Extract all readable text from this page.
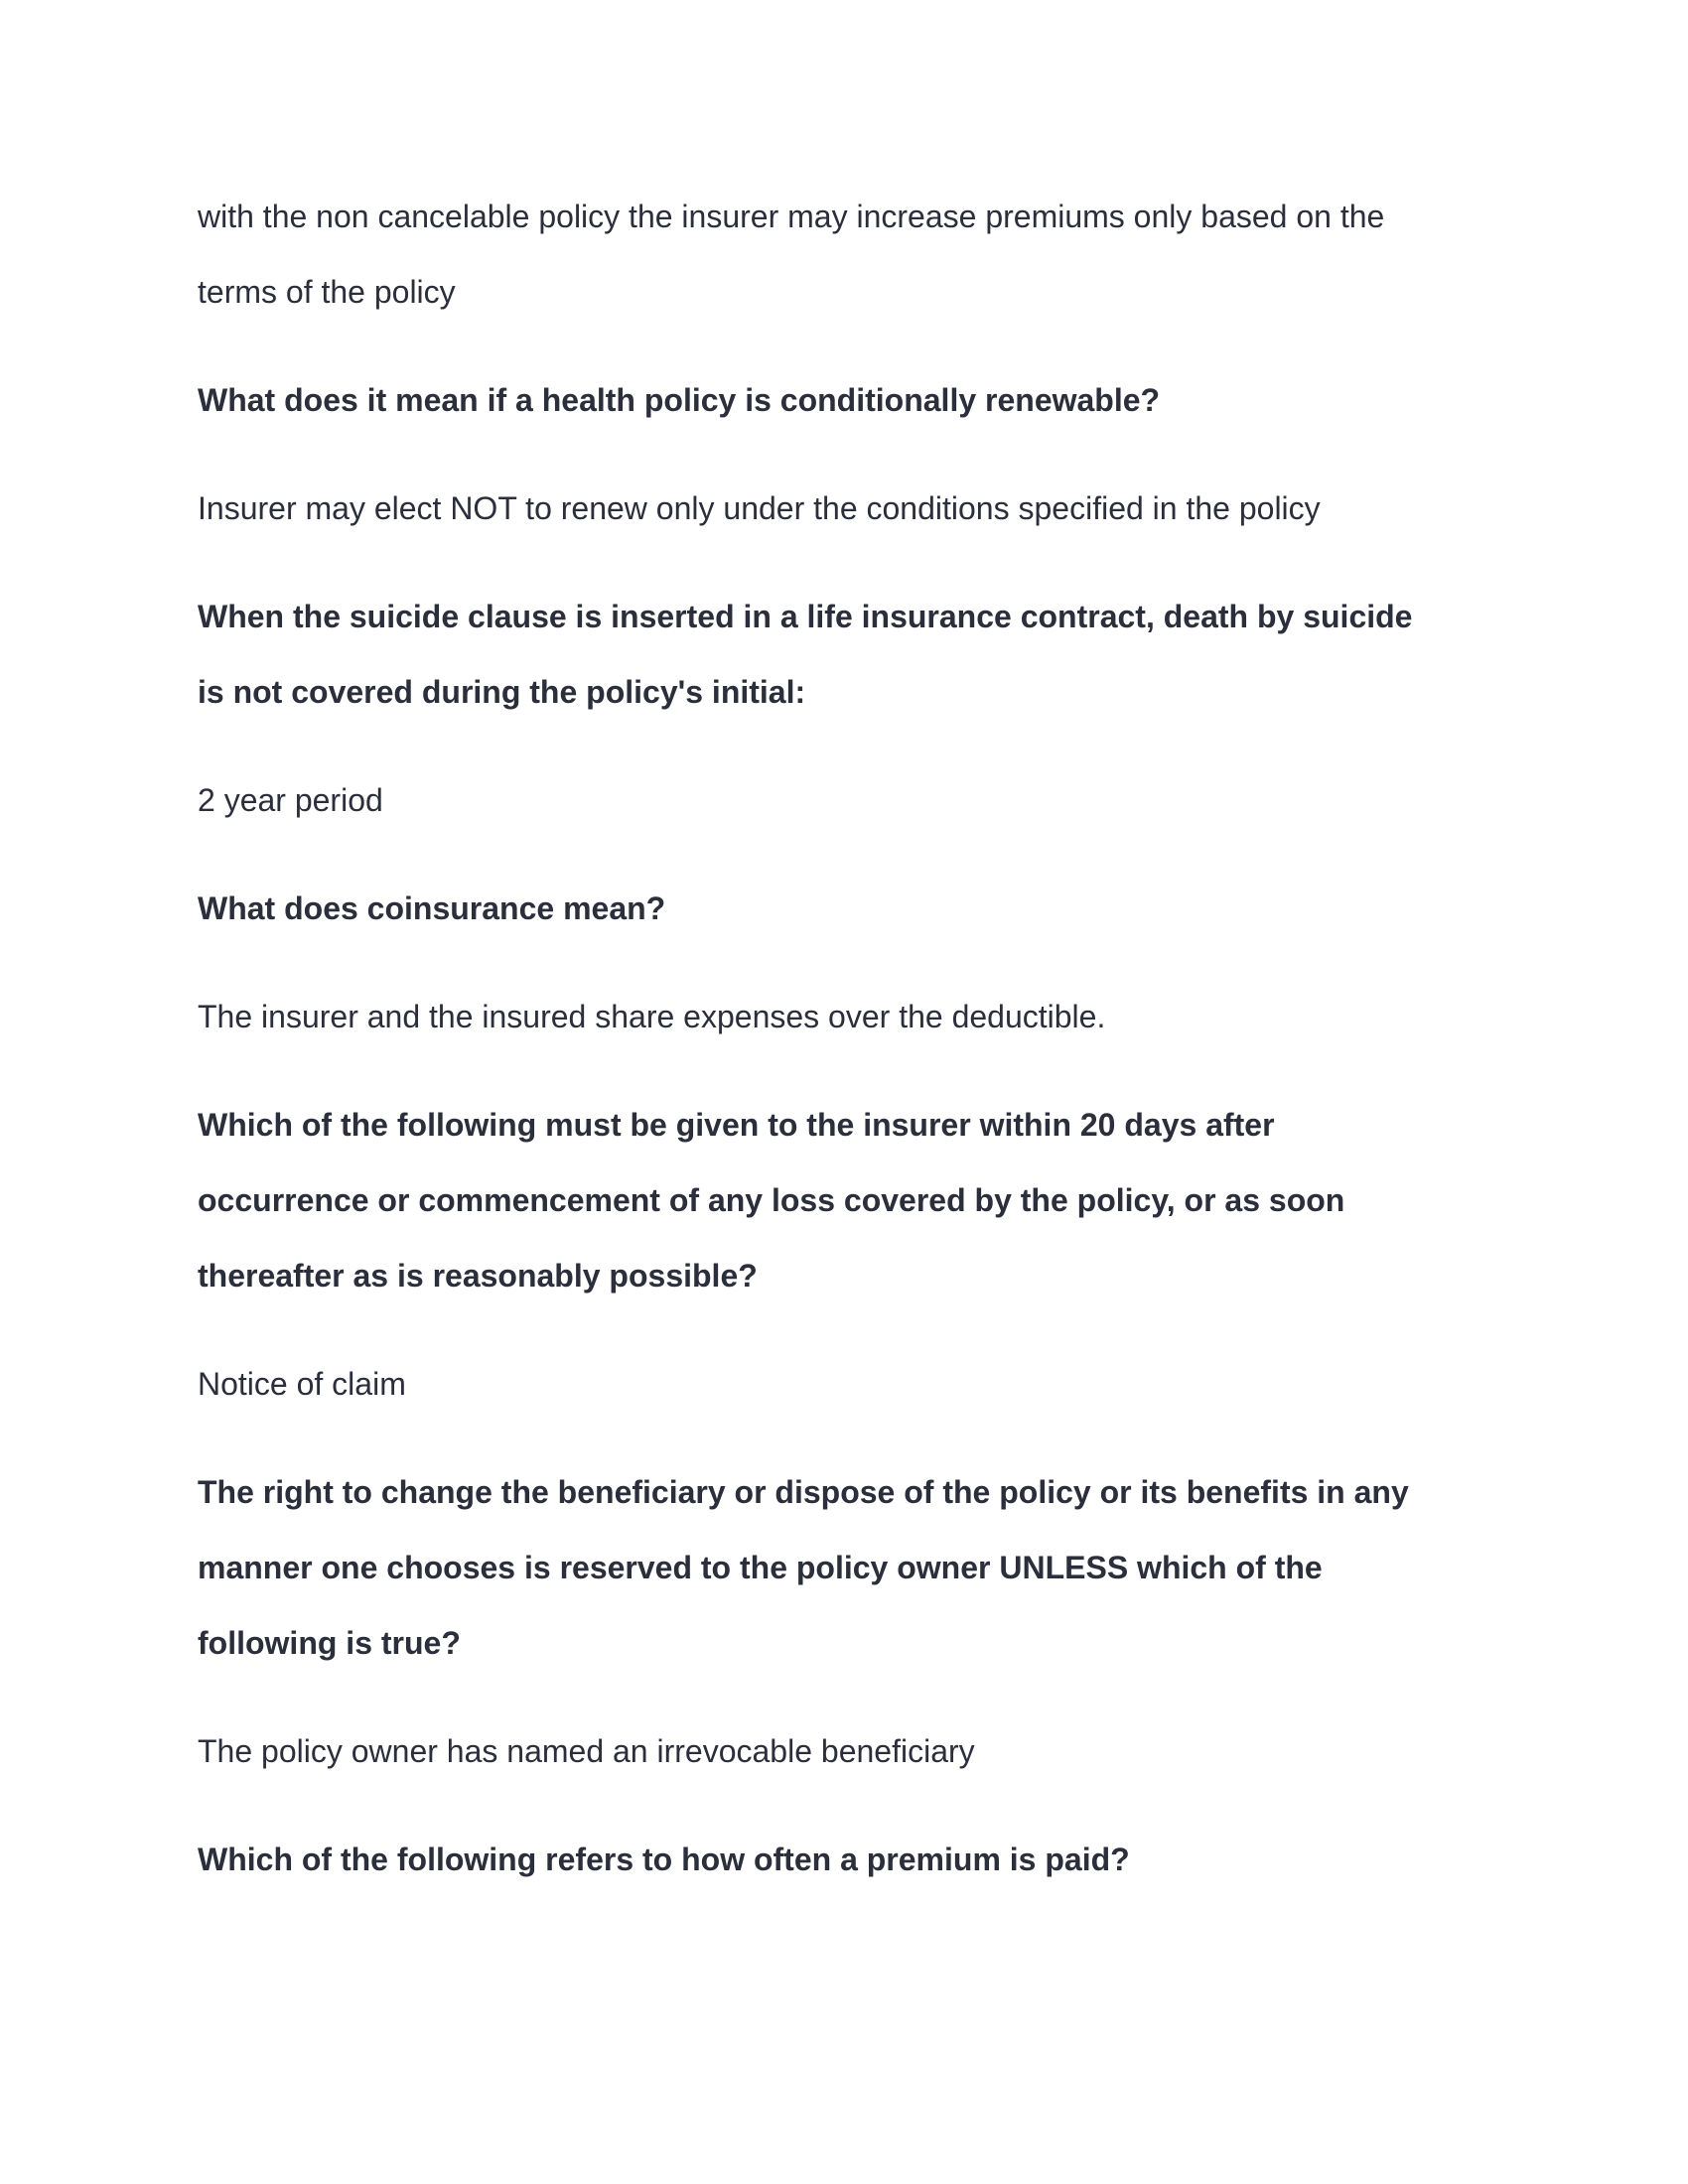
with the non cancelable policy the insurer may increase premiums only based on the
terms of the policy
What does it mean if a health policy is conditionally renewable?
Insurer may elect NOT to renew only under the conditions specified in the policy
When the suicide clause is inserted in a life insurance contract, death by suicide
is not covered during the policy's initial:
2 year period
What does coinsurance mean?
The insurer and the insured share expenses over the deductible.
Which of the following must be given to the insurer within 20 days after
occurrence or commencement of any loss covered by the policy, or as soon
thereafter as is reasonably possible?
Notice of claim
The right to change the beneficiary or dispose of the policy or its benefits in any
manner one chooses is reserved to the policy owner UNLESS which of the
following is true?
The policy owner has named an irrevocable beneficiary
Which of the following refers to how often a premium is paid?
